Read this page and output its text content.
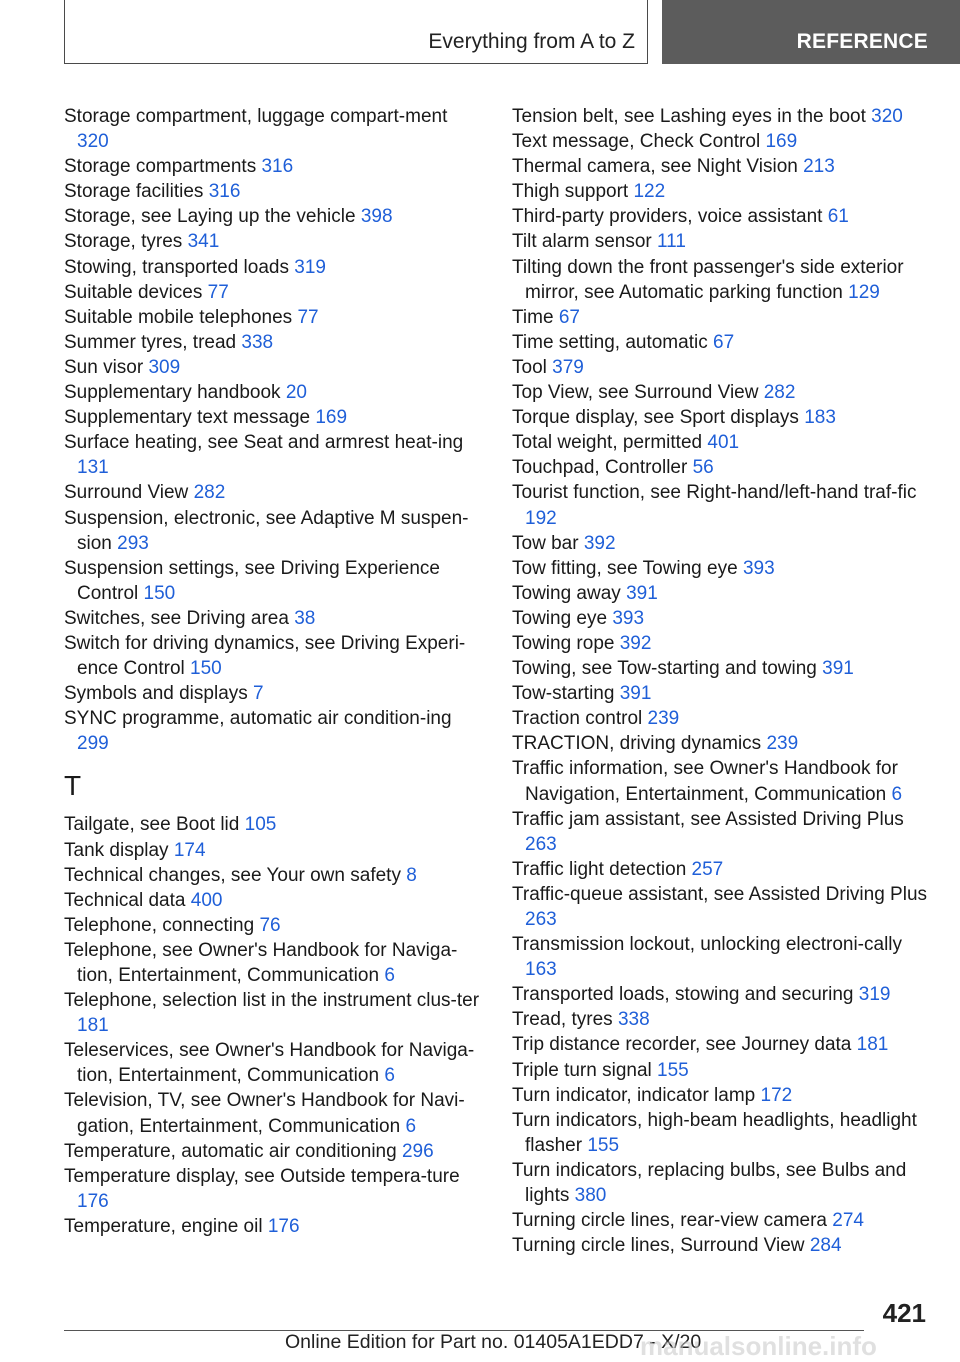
Everything from A to Z	REFERENCE
Storage compartment, luggage compart-ment 320
Storage compartments 316
Storage facilities 316
Storage, see Laying up the vehicle 398
Storage, tyres 341
Stowing, transported loads 319
Suitable devices 77
Suitable mobile telephones 77
Summer tyres, tread 338
Sun visor 309
Supplementary handbook 20
Supplementary text message 169
Surface heating, see Seat and armrest heat-ing 131
Surround View 282
Suspension, electronic, see Adaptive M suspen-sion 293
Suspension settings, see Driving Experience Control 150
Switches, see Driving area 38
Switch for driving dynamics, see Driving Experi-ence Control 150
Symbols and displays 7
SYNC programme, automatic air condition-ing 299
T
Tailgate, see Boot lid 105
Tank display 174
Technical changes, see Your own safety 8
Technical data 400
Telephone, connecting 76
Telephone, see Owner's Handbook for Naviga-tion, Entertainment, Communication 6
Telephone, selection list in the instrument clus-ter 181
Teleservices, see Owner's Handbook for Naviga-tion, Entertainment, Communication 6
Television, TV, see Owner's Handbook for Navi-gation, Entertainment, Communication 6
Temperature, automatic air conditioning 296
Temperature display, see Outside tempera-ture 176
Temperature, engine oil 176
Tension belt, see Lashing eyes in the boot 320
Text message, Check Control 169
Thermal camera, see Night Vision 213
Thigh support 122
Third-party providers, voice assistant 61
Tilt alarm sensor 111
Tilting down the front passenger's side exterior mirror, see Automatic parking function 129
Time 67
Time setting, automatic 67
Tool 379
Top View, see Surround View 282
Torque display, see Sport displays 183
Total weight, permitted 401
Touchpad, Controller 56
Tourist function, see Right-hand/left-hand traf-fic 192
Tow bar 392
Tow fitting, see Towing eye 393
Towing away 391
Towing eye 393
Towing rope 392
Towing, see Tow-starting and towing 391
Tow-starting 391
Traction control 239
TRACTION, driving dynamics 239
Traffic information, see Owner's Handbook for Navigation, Entertainment, Communication 6
Traffic jam assistant, see Assisted Driving Plus 263
Traffic light detection 257
Traffic-queue assistant, see Assisted Driving Plus 263
Transmission lockout, unlocking electroni-cally 163
Transported loads, stowing and securing 319
Tread, tyres 338
Trip distance recorder, see Journey data 181
Triple turn signal 155
Turn indicator, indicator lamp 172
Turn indicators, high-beam headlights, headlight flasher 155
Turn indicators, replacing bulbs, see Bulbs and lights 380
Turning circle lines, rear-view camera 274
Turning circle lines, Surround View 284
421
Online Edition for Part no. 01405A1EDD7 - X/20
manualsonline.info
